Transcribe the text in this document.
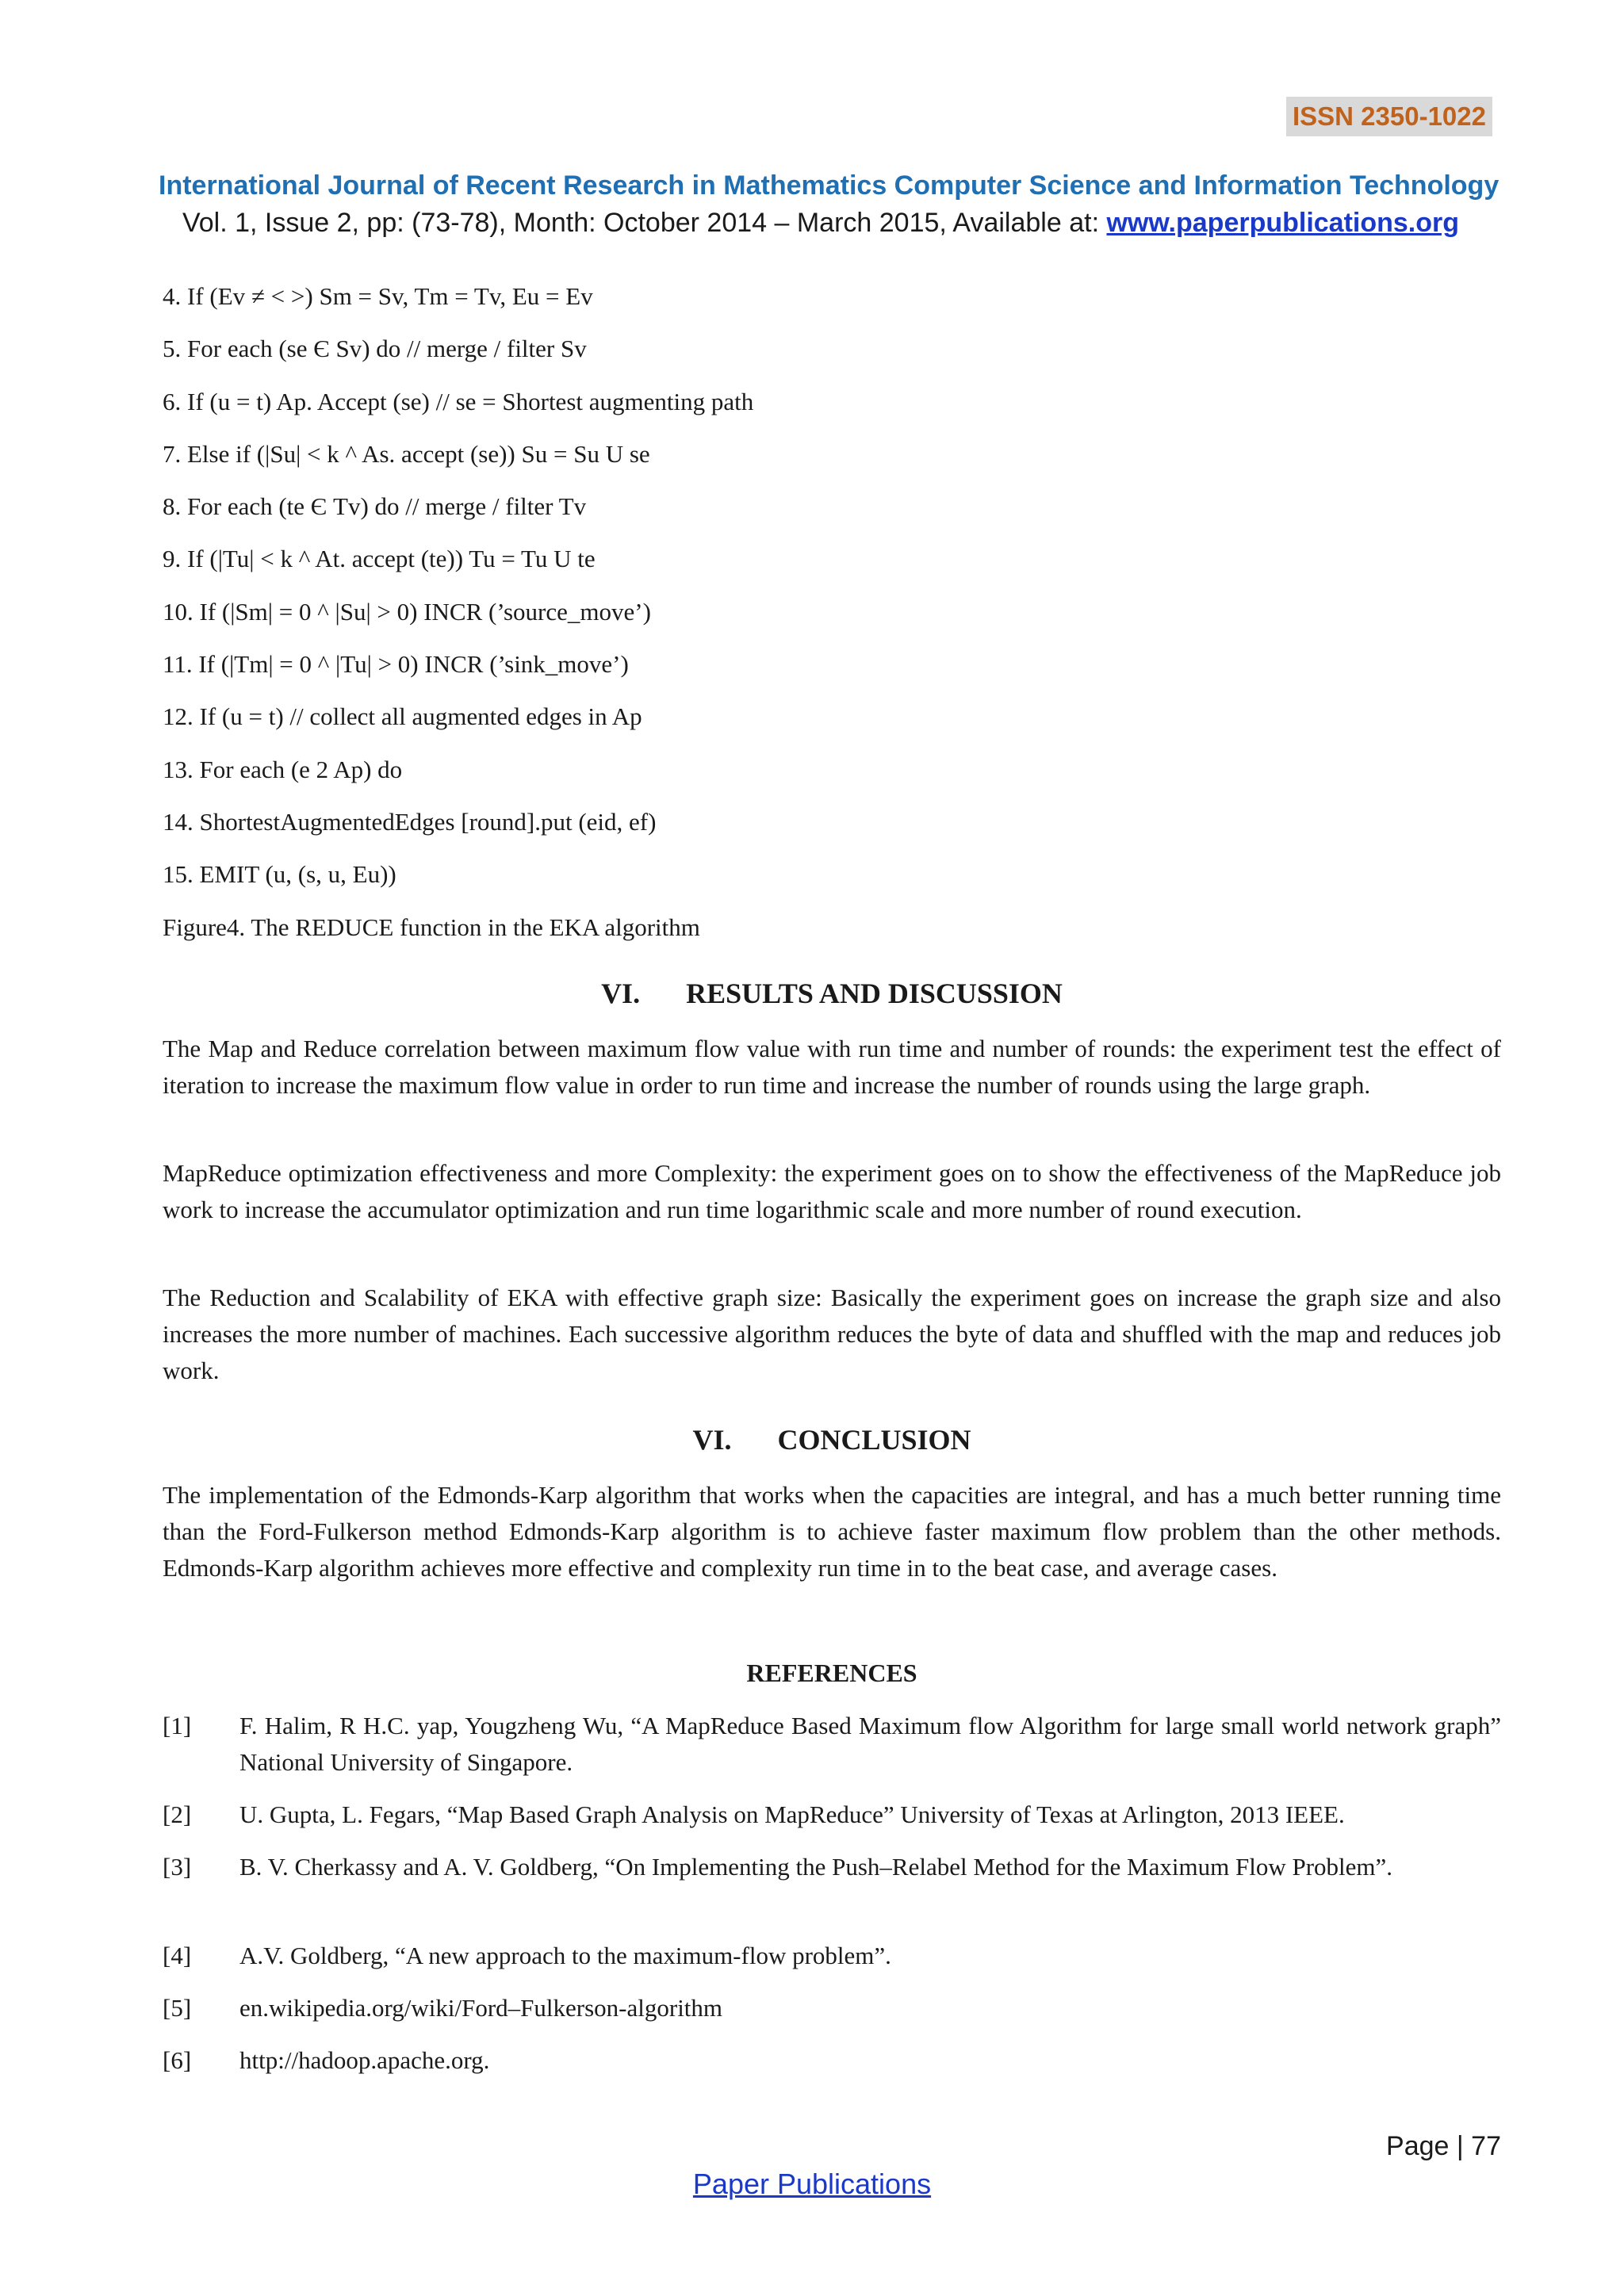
ISSN 2350-1022
International Journal of Recent Research in Mathematics Computer Science and Information Technology
Vol. 1, Issue 2, pp: (73-78), Month: October 2014 – March 2015, Available at: www.paperpublications.org
4. If (Ev ≠ < >) Sm = Sv, Tm = Tv, Eu = Ev
5. For each (se Є Sv) do // merge / filter Sv
6. If (u = t) Ap. Accept (se) // se = Shortest augmenting path
7. Else if (|Su| < k ^ As. accept (se)) Su = Su U se
8. For each (te Є Tv) do // merge / filter Tv
9. If (|Tu| < k ^ At. accept (te)) Tu = Tu U te
10. If (|Sm| = 0 ^ |Su| > 0) INCR (’source_move’)
11. If (|Tm| = 0 ^ |Tu| > 0) INCR (’sink_move’)
12. If (u = t) // collect all augmented edges in Ap
13. For each (e 2 Ap) do
14. ShortestAugmentedEdges [round].put (eid, ef)
15. EMIT (u, (s, u, Eu))
Figure4. The REDUCE function in the EKA algorithm
VI. RESULTS AND DISCUSSION

The Map and Reduce correlation between maximum flow value with run time and number of rounds: the experiment test the effect of iteration to increase the maximum flow value in order to run time and increase the number of rounds using the large graph.

MapReduce optimization effectiveness and more Complexity: the experiment goes on to show the effectiveness of the MapReduce job work to increase the accumulator optimization and run time logarithmic scale and more number of round execution.

The Reduction and Scalability of EKA with effective graph size: Basically the experiment goes on increase the graph size and also increases the more number of machines. Each successive algorithm reduces the byte of data and shuffled with the map and reduces job work.

VI. CONCLUSION

The implementation of the Edmonds-Karp algorithm that works when the capacities are integral, and has a much better running time than the Ford-Fulkerson method Edmonds-Karp algorithm is to achieve faster maximum flow problem than the other methods. Edmonds-Karp algorithm achieves more effective and complexity run time in to the beat case, and average cases.

REFERENCES
[1]	F. Halim, R H.C. yap, Yougzheng Wu, “A MapReduce Based Maximum flow Algorithm for large small world network graph” National University of Singapore.
[2]	U. Gupta, L. Fegars, “Map Based Graph Analysis on MapReduce” University of Texas at Arlington, 2013 IEEE.
[3]	B. V. Cherkassy and A. V. Goldberg, “On Implementing the Push–Relabel Method for the Maximum Flow Problem”.
[4]	A.V. Goldberg, “A new approach to the maximum-flow problem”.
[5]	en.wikipedia.org/wiki/Ford–Fulkerson-algorithm
[6]	http://hadoop.apache.org.
Page | 77
Paper Publications
